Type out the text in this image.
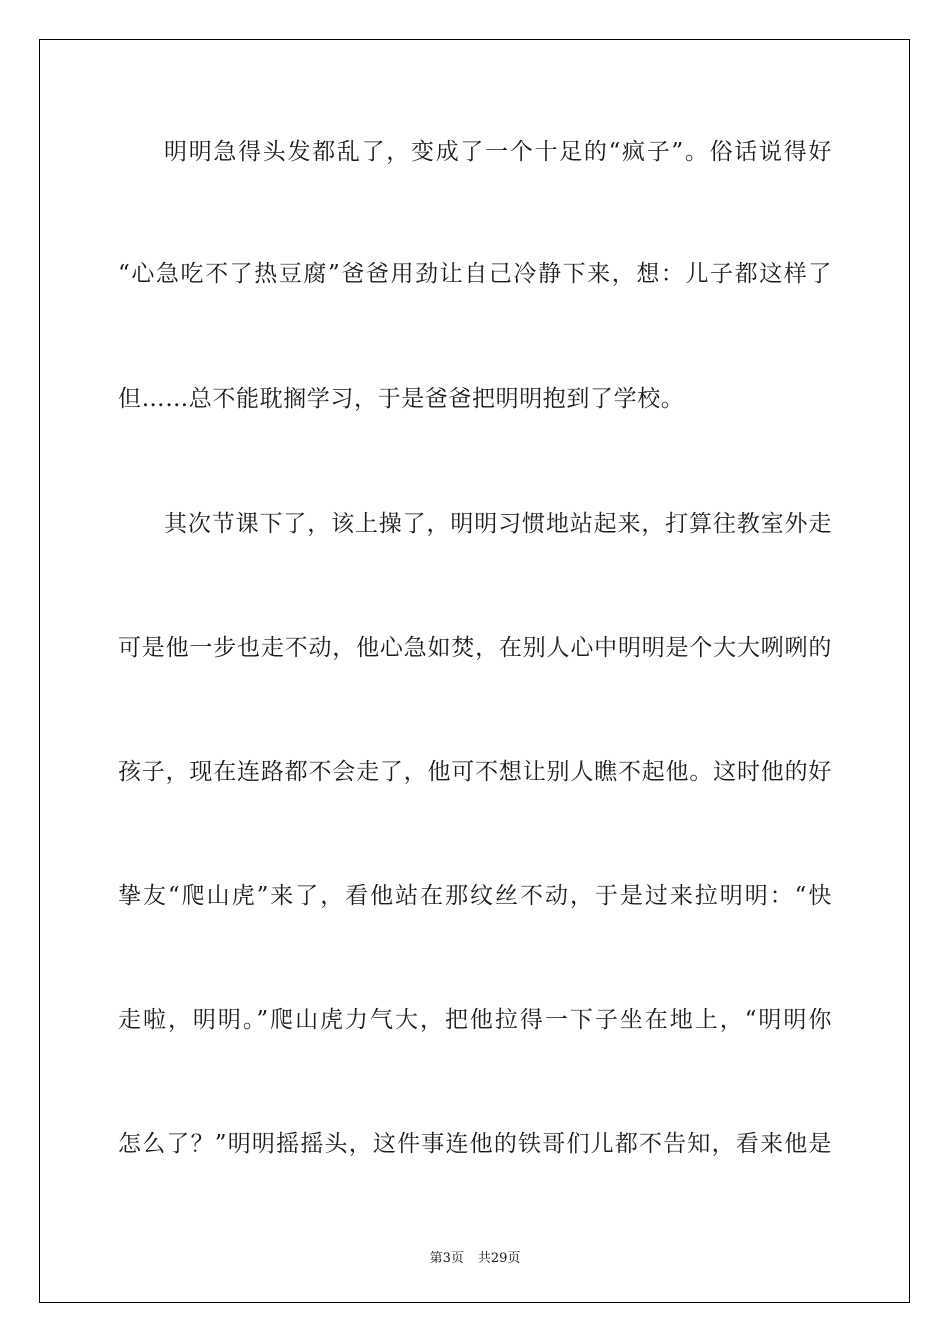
明明急得头发都乱了，变成了一个十足的“疯子”。俗话说得好
“心急吃不了热豆腐”爸爸用劲让自己冷静下来，想：儿子都这样了
但……总不能耽搁学习，于是爸爸把明明抱到了学校。
其次节课下了，该上操了，明明习惯地站起来，打算往教室外走
可是他一步也走不动，他心急如焚，在别人心中明明是个大大咧咧的
孩子，现在连路都不会走了，他可不想让别人瞧不起他。这时他的好
挚友“爬山虎”来了，看他站在那纹丝不动，于是过来拉明明：“快
走啦，明明。”爬山虎力气大，把他拉得一下子坐在地上，“明明你
怎么了？”明明摇摇头，这件事连他的铁哥们儿都不告知，看来他是
第3页 共29页
